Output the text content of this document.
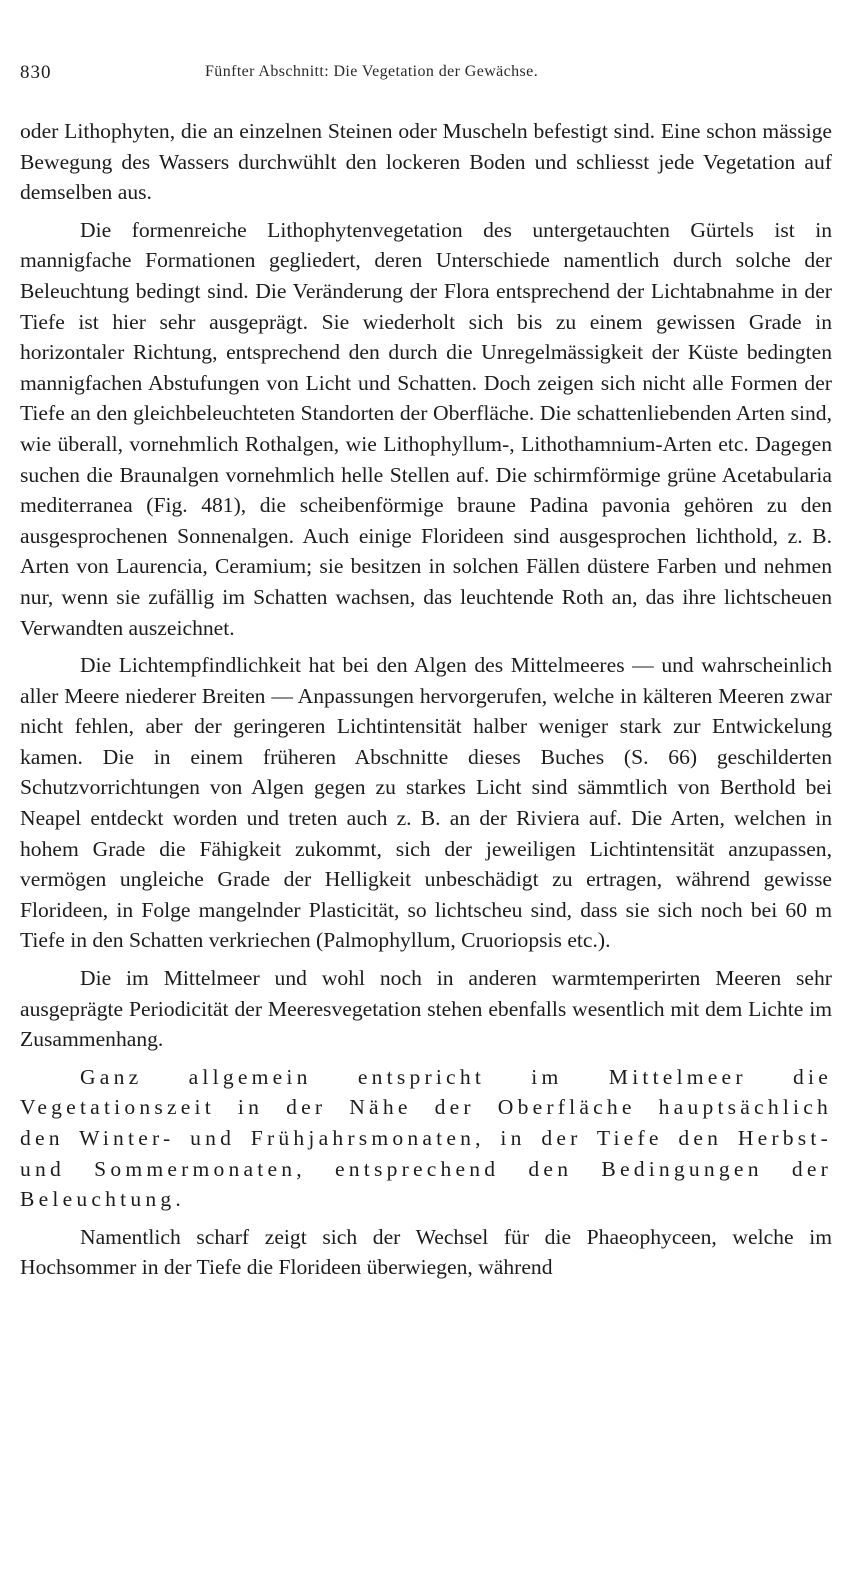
830	Fünfter Abschnitt: Die Vegetation der Gewächse.

oder Lithophyten, die an einzelnen Steinen oder Muscheln befestigt sind. Eine schon mässige Bewegung des Wassers durchwühlt den lockeren Boden und schliesst jede Vegetation auf demselben aus.

Die formenreiche Lithophytenvegetation des untergetauchten Gürtels ist in mannigfache Formationen gegliedert, deren Unterschiede namentlich durch solche der Beleuchtung bedingt sind. Die Veränderung der Flora entsprechend der Lichtabnahme in der Tiefe ist hier sehr ausgeprägt. Sie wiederholt sich bis zu einem gewissen Grade in horizontaler Richtung, entsprechend den durch die Unregelmässigkeit der Küste bedingten mannigfachen Abstufungen von Licht und Schatten. Doch zeigen sich nicht alle Formen der Tiefe an den gleichbeleuchteten Standorten der Oberfläche. Die schattenliebenden Arten sind, wie überall, vornehmlich Rothalgen, wie Lithophyllum-, Lithothamnium-Arten etc. Dagegen suchen die Braunalgen vornehmlich helle Stellen auf. Die schirmförmige grüne Acetabularia mediterranea (Fig. 481), die scheibenförmige braune Padina pavonia gehören zu den ausgesprochenen Sonnenalgen. Auch einige Florideen sind ausgesprochen lichthold, z. B. Arten von Laurencia, Ceramium; sie besitzen in solchen Fällen düstere Farben und nehmen nur, wenn sie zufällig im Schatten wachsen, das leuchtende Roth an, das ihre lichtscheuen Verwandten auszeichnet.

Die Lichtempfindlichkeit hat bei den Algen des Mittelmeeres — und wahrscheinlich aller Meere niederer Breiten — Anpassungen hervorgerufen, welche in kälteren Meeren zwar nicht fehlen, aber der geringeren Lichtintensität halber weniger stark zur Entwickelung kamen. Die in einem früheren Abschnitte dieses Buches (S. 66) geschilderten Schutzvorrichtungen von Algen gegen zu starkes Licht sind sämmtlich von Berthold bei Neapel entdeckt worden und treten auch z. B. an der Riviera auf. Die Arten, welchen in hohem Grade die Fähigkeit zukommt, sich der jeweiligen Lichtintensität anzupassen, vermögen ungleiche Grade der Helligkeit unbeschädigt zu ertragen, während gewisse Florideen, in Folge mangelnder Plasticität, so lichtscheu sind, dass sie sich noch bei 60 m Tiefe in den Schatten verkriechen (Palmophyllum, Cruoriopsis etc.).

Die im Mittelmeer und wohl noch in anderen warmtemperirten Meeren sehr ausgeprägte Periodicität der Meeresvegetation stehen ebenfalls wesentlich mit dem Lichte im Zusammenhang.

Ganz allgemein entspricht im Mittelmeer die Vegetationszeit in der Nähe der Oberfläche hauptsächlich den Winter- und Frühjahrsmonaten, in der Tiefe den Herbst- und Sommermonaten, entsprechend den Bedingungen der Beleuchtung.

Namentlich scharf zeigt sich der Wechsel für die Phaeophyceen, welche im Hochsommer in der Tiefe die Florideen überwiegen, während
